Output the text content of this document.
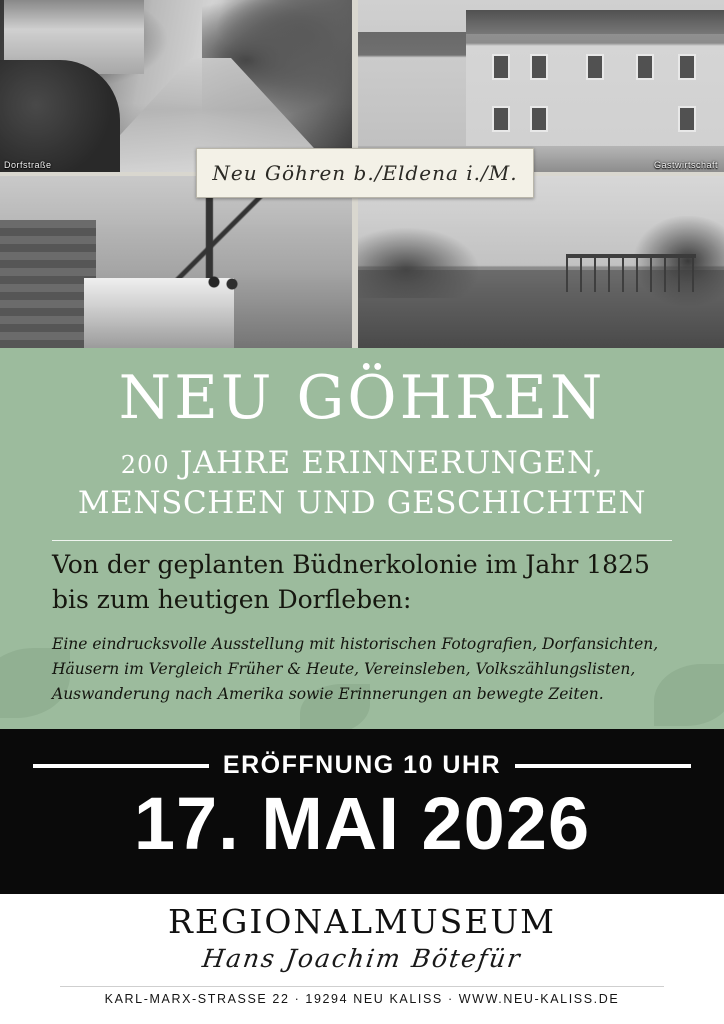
Dorfstraße	Gastwirtschaft
Neu Göhren b./Eldena i./M.
NEU GÖHREN
200 JAHRE ERINNERUNGEN,
MENSCHEN UND GESCHICHTEN
Von der geplanten Büdnerkolonie im Jahr 1825 bis zum heutigen Dorfleben:
Eine eindrucksvolle Ausstellung mit historischen Fotografien, Dorfansichten, Häusern im Vergleich Früher & Heute, Vereinsleben, Volkszählungslisten, Auswanderung nach Amerika sowie Erinnerungen an bewegte Zeiten.
ERÖFFNUNG 10 UHR
17. MAI 2026
REGIONALMUSEUM
Hans Joachim Bötefür
KARL-MARX-STRASSE 22 · 19294 NEU KALISS · WWW.NEU-KALISS.DE
